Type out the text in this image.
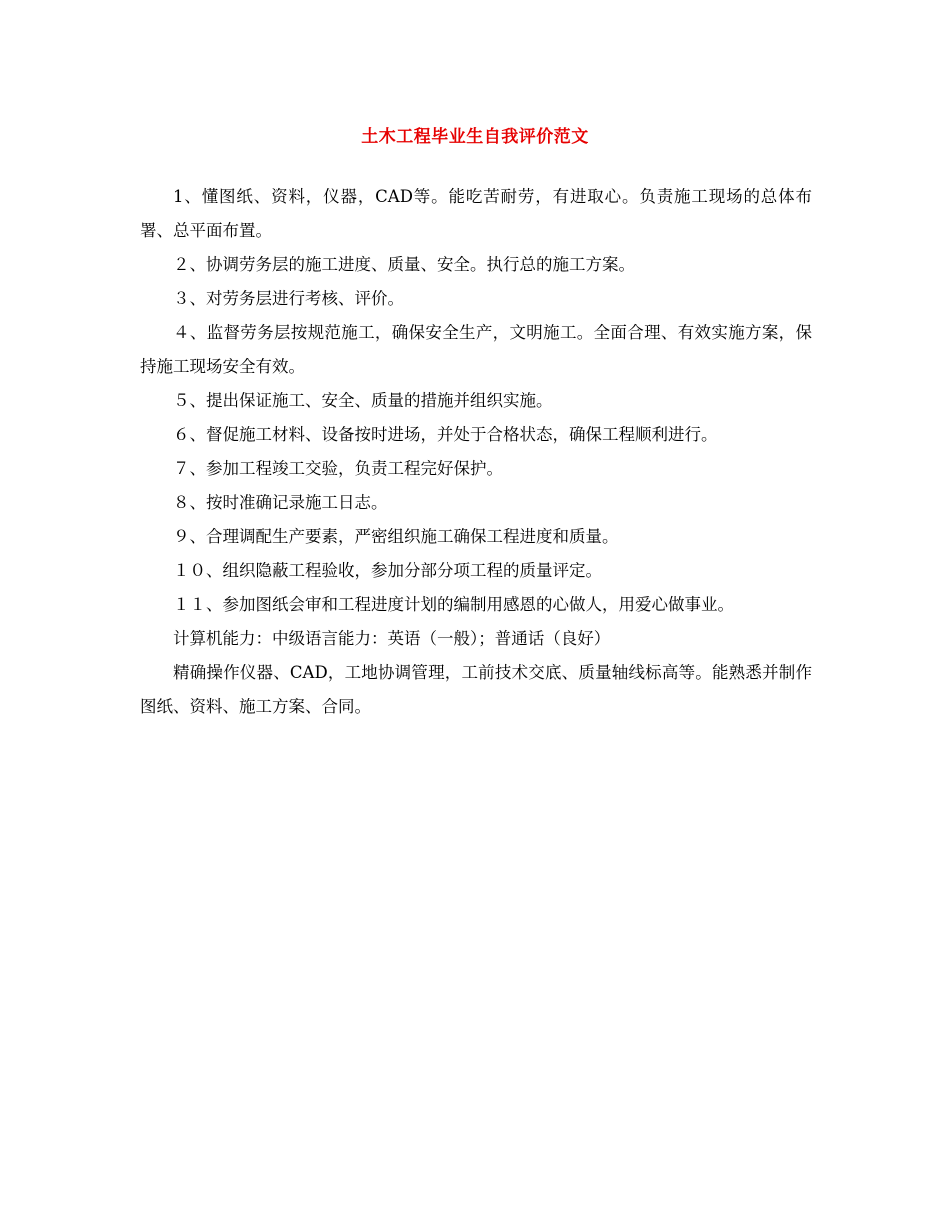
土木工程毕业生自我评价范文

1、懂图纸、资料，仪器，CAD等。能吃苦耐劳，有进取心。负责施工现场的总体布署、总平面布置。

２、协调劳务层的施工进度、质量、安全。执行总的施工方案。

３、对劳务层进行考核、评价。

４、监督劳务层按规范施工，确保安全生产，文明施工。全面合理、有效实施方案，保持施工现场安全有效。

５、提出保证施工、安全、质量的措施并组织实施。

６、督促施工材料、设备按时进场，并处于合格状态，确保工程顺利进行。

７、参加工程竣工交验，负责工程完好保护。

８、按时准确记录施工日志。

９、合理调配生产要素，严密组织施工确保工程进度和质量。

１０、组织隐蔽工程验收，参加分部分项工程的质量评定。

１１、参加图纸会审和工程进度计划的编制用感恩的心做人，用爱心做事业。

计算机能力：中级语言能力：英语（一般）；普通话（良好）

精确操作仪器、CAD，工地协调管理，工前技术交底、质量轴线标高等。能熟悉并制作图纸、资料、施工方案、合同。
